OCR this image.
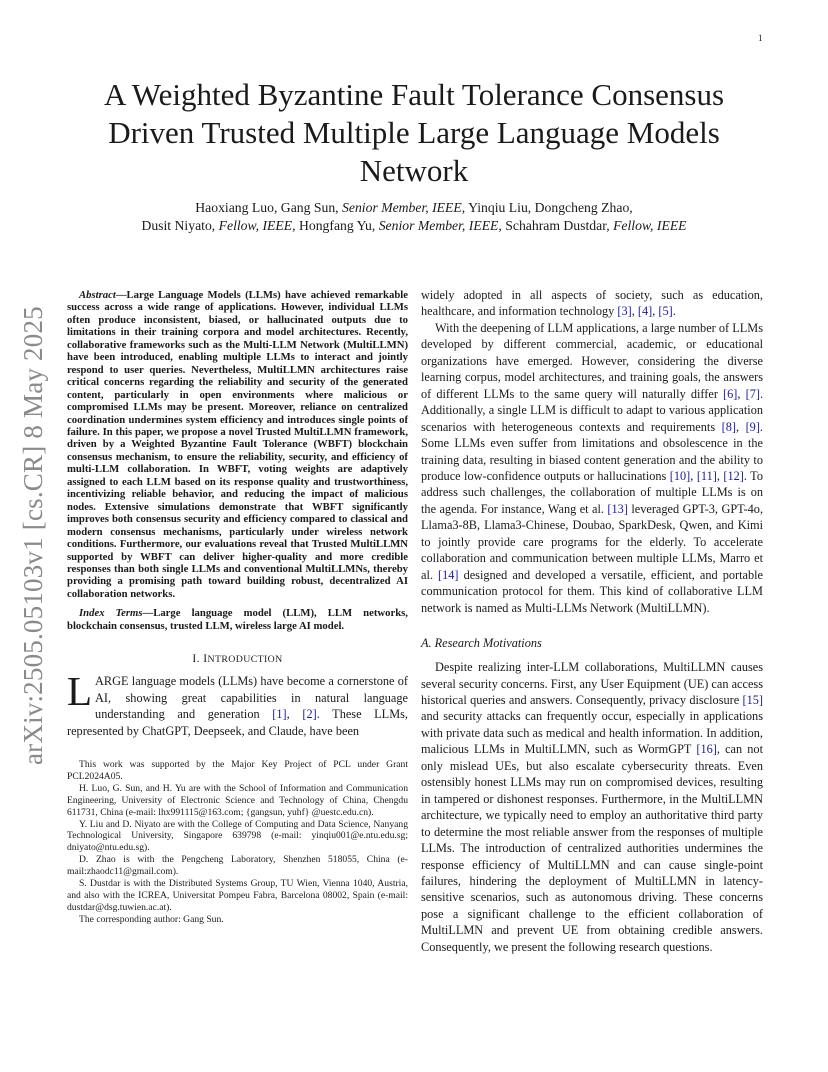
1
arXiv:2505.05103v1 [cs.CR] 8 May 2025
A Weighted Byzantine Fault Tolerance Consensus Driven Trusted Multiple Large Language Models Network
Haoxiang Luo, Gang Sun, Senior Member, IEEE, Yinqiu Liu, Dongcheng Zhao,
Dusit Niyato, Fellow, IEEE, Hongfang Yu, Senior Member, IEEE, Schahram Dustdar, Fellow, IEEE

Abstract—Large Language Models (LLMs) have achieved remarkable success across a wide range of applications. However, individual LLMs often produce inconsistent, biased, or hallucinated outputs due to limitations in their training corpora and model architectures. Recently, collaborative frameworks such as the Multi-LLM Network (MultiLLMN) have been introduced, enabling multiple LLMs to interact and jointly respond to user queries. Nevertheless, MultiLLMN architectures raise critical concerns regarding the reliability and security of the generated content, particularly in open environments where malicious or compromised LLMs may be present. Moreover, reliance on centralized coordination undermines system efficiency and introduces single points of failure. In this paper, we propose a novel Trusted MultiLLMN framework, driven by a Weighted Byzantine Fault Tolerance (WBFT) blockchain consensus mechanism, to ensure the reliability, security, and efficiency of multi-LLM collaboration. In WBFT, voting weights are adaptively assigned to each LLM based on its response quality and trustworthiness, incentivizing reliable behavior, and reducing the impact of malicious nodes. Extensive simulations demonstrate that WBFT significantly improves both consensus security and efficiency compared to classical and modern consensus mechanisms, particularly under wireless network conditions. Furthermore, our evaluations reveal that Trusted MultiLLMN supported by WBFT can deliver higher-quality and more credible responses than both single LLMs and conventional MultiLLMNs, thereby providing a promising path toward building robust, decentralized AI collaboration networks.

Index Terms—Large language model (LLM), LLM networks, blockchain consensus, trusted LLM, wireless large AI model.

I. INTRODUCTION

LARGE language models (LLMs) have become a cornerstone of AI, showing great capabilities in natural language understanding and generation [1], [2]. These LLMs, represented by ChatGPT, Deepseek, and Claude, have been

This work was supported by the Major Key Project of PCL under Grant PCL2024A05.

H. Luo, G. Sun, and H. Yu are with the School of Information and Communication Engineering, University of Electronic Science and Technology of China, Chengdu 611731, China (e-mail: lhx991115@163.com; {gangsun, yuhf} @uestc.edu.cn).

Y. Liu and D. Niyato are with the College of Computing and Data Science, Nanyang Technological University, Singapore 639798 (e-mail: yinqiu001@e.ntu.edu.sg; dniyato@ntu.edu.sg).

D. Zhao is with the Pengcheng Laboratory, Shenzhen 518055, China (e-mail:zhaodc11@gmail.com).

S. Dustdar is with the Distributed Systems Group, TU Wien, Vienna 1040, Austria, and also with the ICREA, Universitat Pompeu Fabra, Barcelona 08002, Spain (e-mail: dustdar@dsg.tuwien.ac.at).

The corresponding author: Gang Sun.

widely adopted in all aspects of society, such as education, healthcare, and information technology [3], [4], [5].

With the deepening of LLM applications, a large number of LLMs developed by different commercial, academic, or educational organizations have emerged. However, considering the diverse learning corpus, model architectures, and training goals, the answers of different LLMs to the same query will naturally differ [6], [7]. Additionally, a single LLM is difficult to adapt to various application scenarios with heterogeneous contexts and requirements [8], [9]. Some LLMs even suffer from limitations and obsolescence in the training data, resulting in biased content generation and the ability to produce low-confidence outputs or hallucinations [10], [11], [12]. To address such challenges, the collaboration of multiple LLMs is on the agenda. For instance, Wang et al. [13] leveraged GPT-3, GPT-4o, Llama3-8B, Llama3-Chinese, Doubao, SparkDesk, Qwen, and Kimi to jointly provide care programs for the elderly. To accelerate collaboration and communication between multiple LLMs, Marro et al. [14] designed and developed a versatile, efficient, and portable communication protocol for them. This kind of collaborative LLM network is named as Multi-LLMs Network (MultiLLMN).

A. Research Motivations

Despite realizing inter-LLM collaborations, MultiLLMN causes several security concerns. First, any User Equipment (UE) can access historical queries and answers. Consequently, privacy disclosure [15] and security attacks can frequently occur, especially in applications with private data such as medical and health information. In addition, malicious LLMs in MultiLLMN, such as WormGPT [16], can not only mislead UEs, but also escalate cybersecurity threats. Even ostensibly honest LLMs may run on compromised devices, resulting in tampered or dishonest responses. Furthermore, in the MultiLLMN architecture, we typically need to employ an authoritative third party to determine the most reliable answer from the responses of multiple LLMs. The introduction of centralized authorities undermines the response efficiency of MultiLLMN and can cause single-point failures, hindering the deployment of MultiLLMN in latency-sensitive scenarios, such as autonomous driving. These concerns pose a significant challenge to the efficient collaboration of MultiLLMN and prevent UE from obtaining credible answers. Consequently, we present the following research questions.
